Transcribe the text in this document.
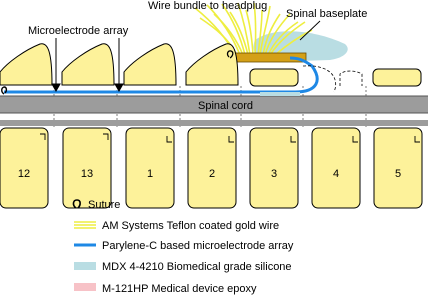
12	13	1	2	3	4	5
Wire bundle to headplug
Spinal baseplate
Microelectrode array
Spinal cord
Suture
AM Systems Teflon coated gold wire
Parylene-C based microelectrode array
MDX 4-4210 Biomedical grade silicone
M-121HP Medical device epoxy
